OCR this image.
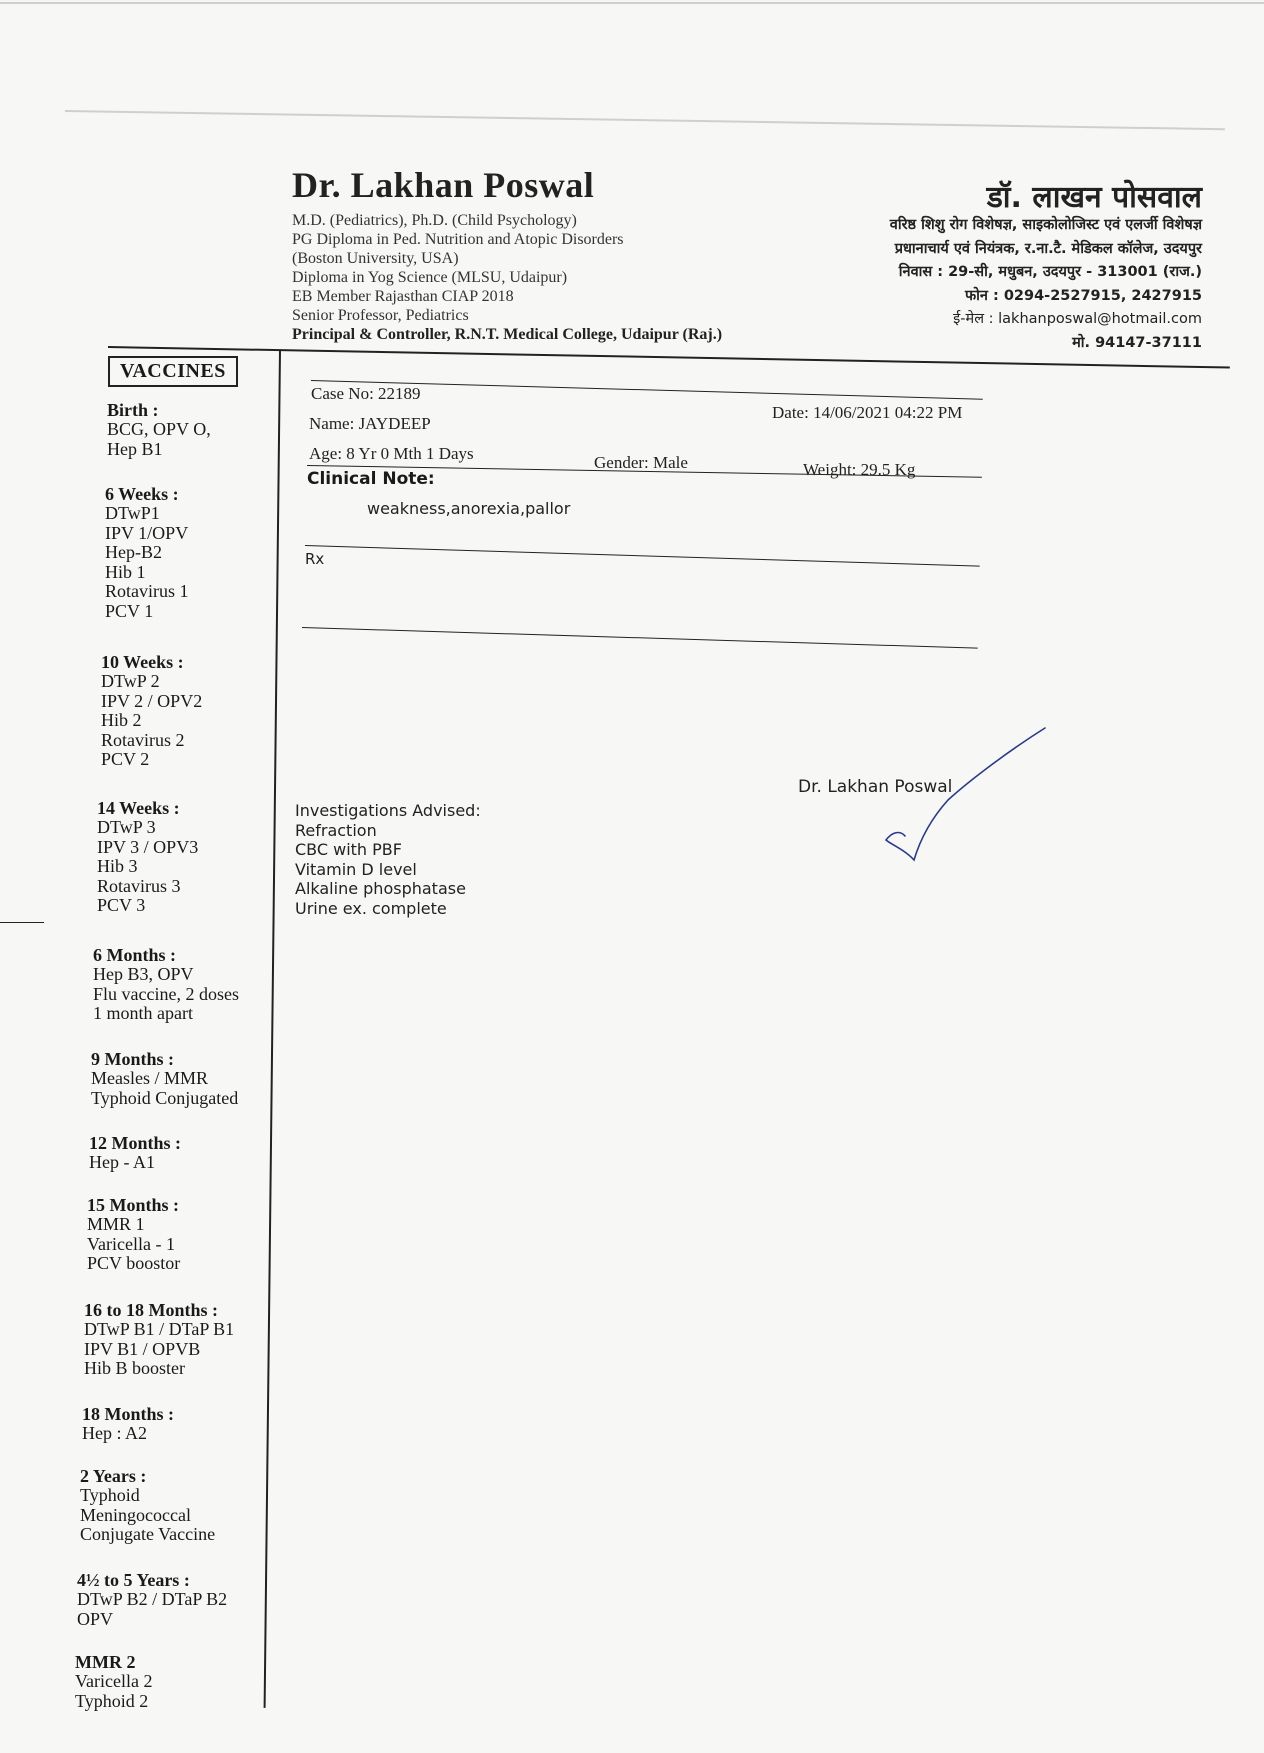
Dr. Lakhan Poswal
M.D. (Pediatrics), Ph.D. (Child Psychology)
PG Diploma in Ped. Nutrition and Atopic Disorders
(Boston University, USA)
Diploma in Yog Science (MLSU, Udaipur)
EB Member Rajasthan CIAP 2018
Senior Professor, Pediatrics
Principal & Controller, R.N.T. Medical College, Udaipur (Raj.)
डॉ. लाखन पोसवाल
वरिष्ठ शिशु रोग विशेषज्ञ, साइकोलोजिस्ट एवं एलर्जी विशेषज्ञ
प्रधानाचार्य एवं नियंत्रक, र.ना.टै. मेडिकल कॉलेज, उदयपुर
निवास : 29-सी, मधुबन, उदयपुर - 313001 (राज.)
फोन : 0294-2527915, 2427915
ई-मेल : lakhanposwal@hotmail.com
मो. 94147-37111
VACCINES
Birth :
BCG, OPV O,
Hep B1
6 Weeks :
DTwP1
IPV 1/OPV
Hep-B2
Hib 1
Rotavirus 1
PCV 1
10 Weeks :
DTwP 2
IPV 2 / OPV2
Hib 2
Rotavirus 2
PCV 2
14 Weeks :
DTwP 3
IPV 3 / OPV3
Hib 3
Rotavirus 3
PCV 3
6 Months :
Hep B3, OPV
Flu vaccine, 2 doses
1 month apart
9 Months :
Measles / MMR
Typhoid Conjugated
12 Months :
Hep - A1
15 Months :
MMR 1
Varicella - 1
PCV boostor
16 to 18 Months :
DTwP B1 / DTaP B1
IPV B1 / OPVB
Hib B booster
18 Months :
Hep : A2
2 Years :
Typhoid
Meningococcal
Conjugate Vaccine
4½ to 5 Years :
DTwP B2 / DTaP B2
OPV
MMR 2
Varicella 2
Typhoid 2
Case No: 22189
Date: 14/06/2021 04:22 PM
Name: JAYDEEP
Age: 8 Yr 0 Mth 1 Days	Gender: Male	Weight: 29.5 Kg
Clinical Note:
weakness,anorexia,pallor
Rx
Dr. Lakhan Poswal
Investigations Advised:
Refraction
CBC with PBF
Vitamin D level
Alkaline phosphatase
Urine ex. complete
